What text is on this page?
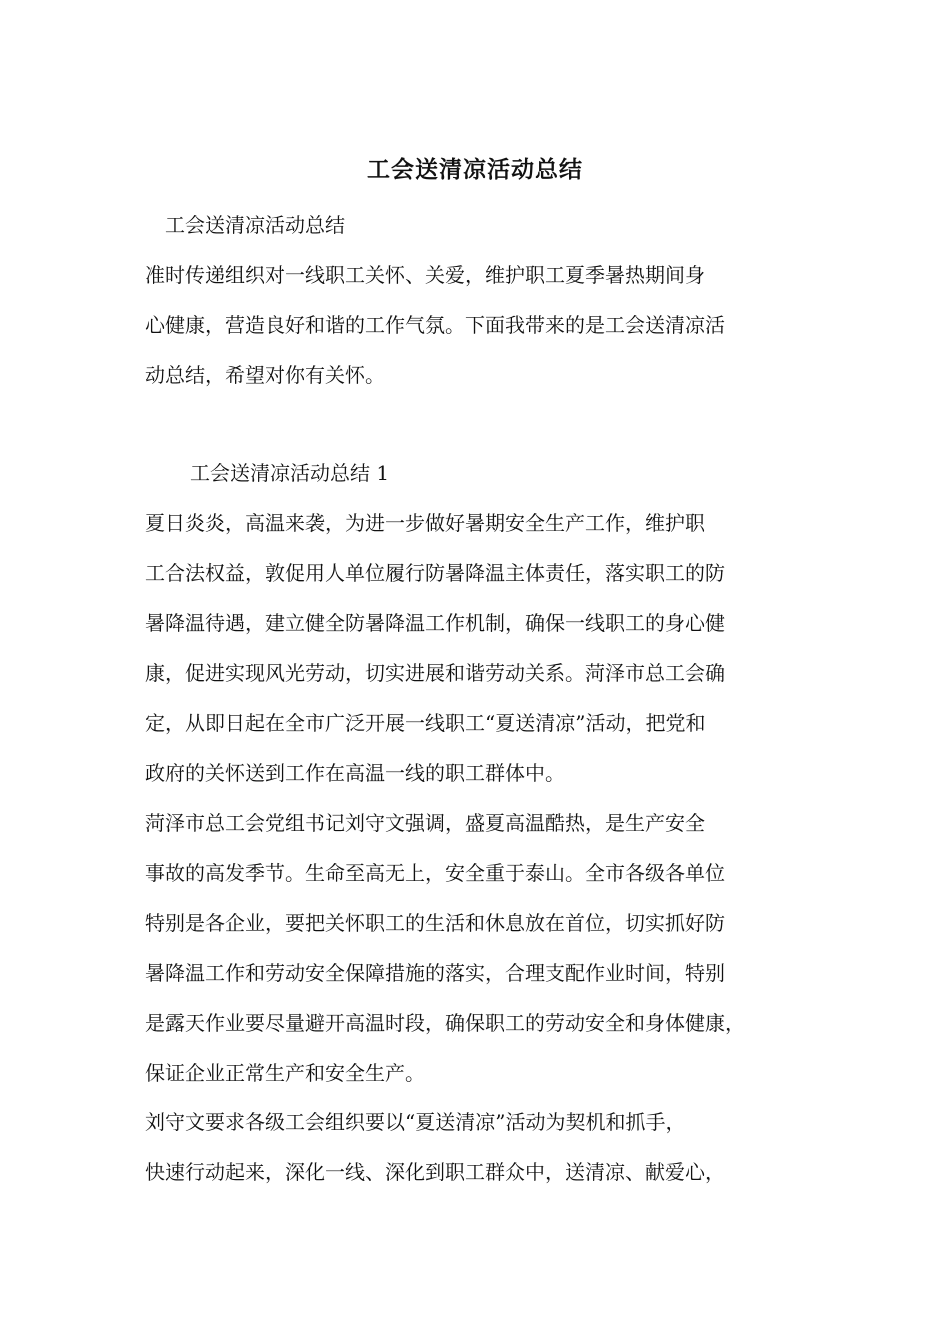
工会送清凉活动总结
工会送清凉活动总结
准时传递组织对一线职工关怀、关爱，维护职工夏季暑热期间身
心健康，营造良好和谐的工作气氛。下面我带来的是工会送清凉活
动总结，希望对你有关怀。
工会送清凉活动总结 1
夏日炎炎，高温来袭，为进一步做好暑期安全生产工作，维护职
工合法权益，敦促用人单位履行防暑降温主体责任，落实职工的防
暑降温待遇，建立健全防暑降温工作机制，确保一线职工的身心健
康，促进实现风光劳动，切实进展和谐劳动关系。菏泽市总工会确
定，从即日起在全市广泛开展一线职工“夏送清凉”活动，把党和
政府的关怀送到工作在高温一线的职工群体中。
菏泽市总工会党组书记刘守文强调，盛夏高温酷热，是生产安全
事故的高发季节。生命至高无上，安全重于泰山。全市各级各单位
特别是各企业，要把关怀职工的生活和休息放在首位，切实抓好防
暑降温工作和劳动安全保障措施的落实，合理支配作业时间，特别
是露天作业要尽量避开高温时段，确保职工的劳动安全和身体健康，
保证企业正常生产和安全生产。
刘守文要求各级工会组织要以“夏送清凉”活动为契机和抓手，
快速行动起来，深化一线、深化到职工群众中，送清凉、献爱心，
